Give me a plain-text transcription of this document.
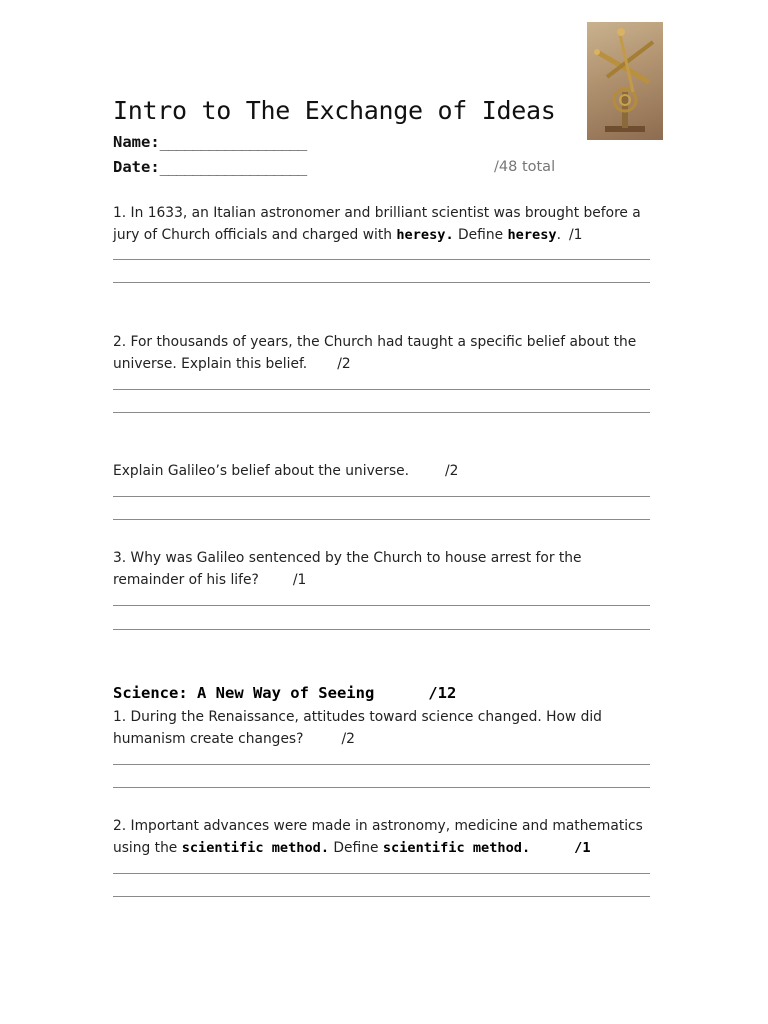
Intro to The Exchange of Ideas
Name:__________________
Date:__________________	/48 total
1. In 1633, an Italian astronomer and brilliant scientist was brought before a
jury of Church officials and charged with heresy. Define heresy. /1
2. For thousands of years, the Church had taught a specific belief about the
universe. Explain this belief. /2
Explain Galileo’s belief about the universe.	/2
3. Why was Galileo sentenced by the Church to house arrest for the
remainder of his life? /1
Science: A New Way of Seeing	/12
1. During the Renaissance, attitudes toward science changed. How did
humanism create changes?	/2
2. Important advances were made in astronomy, medicine and mathematics
using the scientific method. Define scientific method.	/1
